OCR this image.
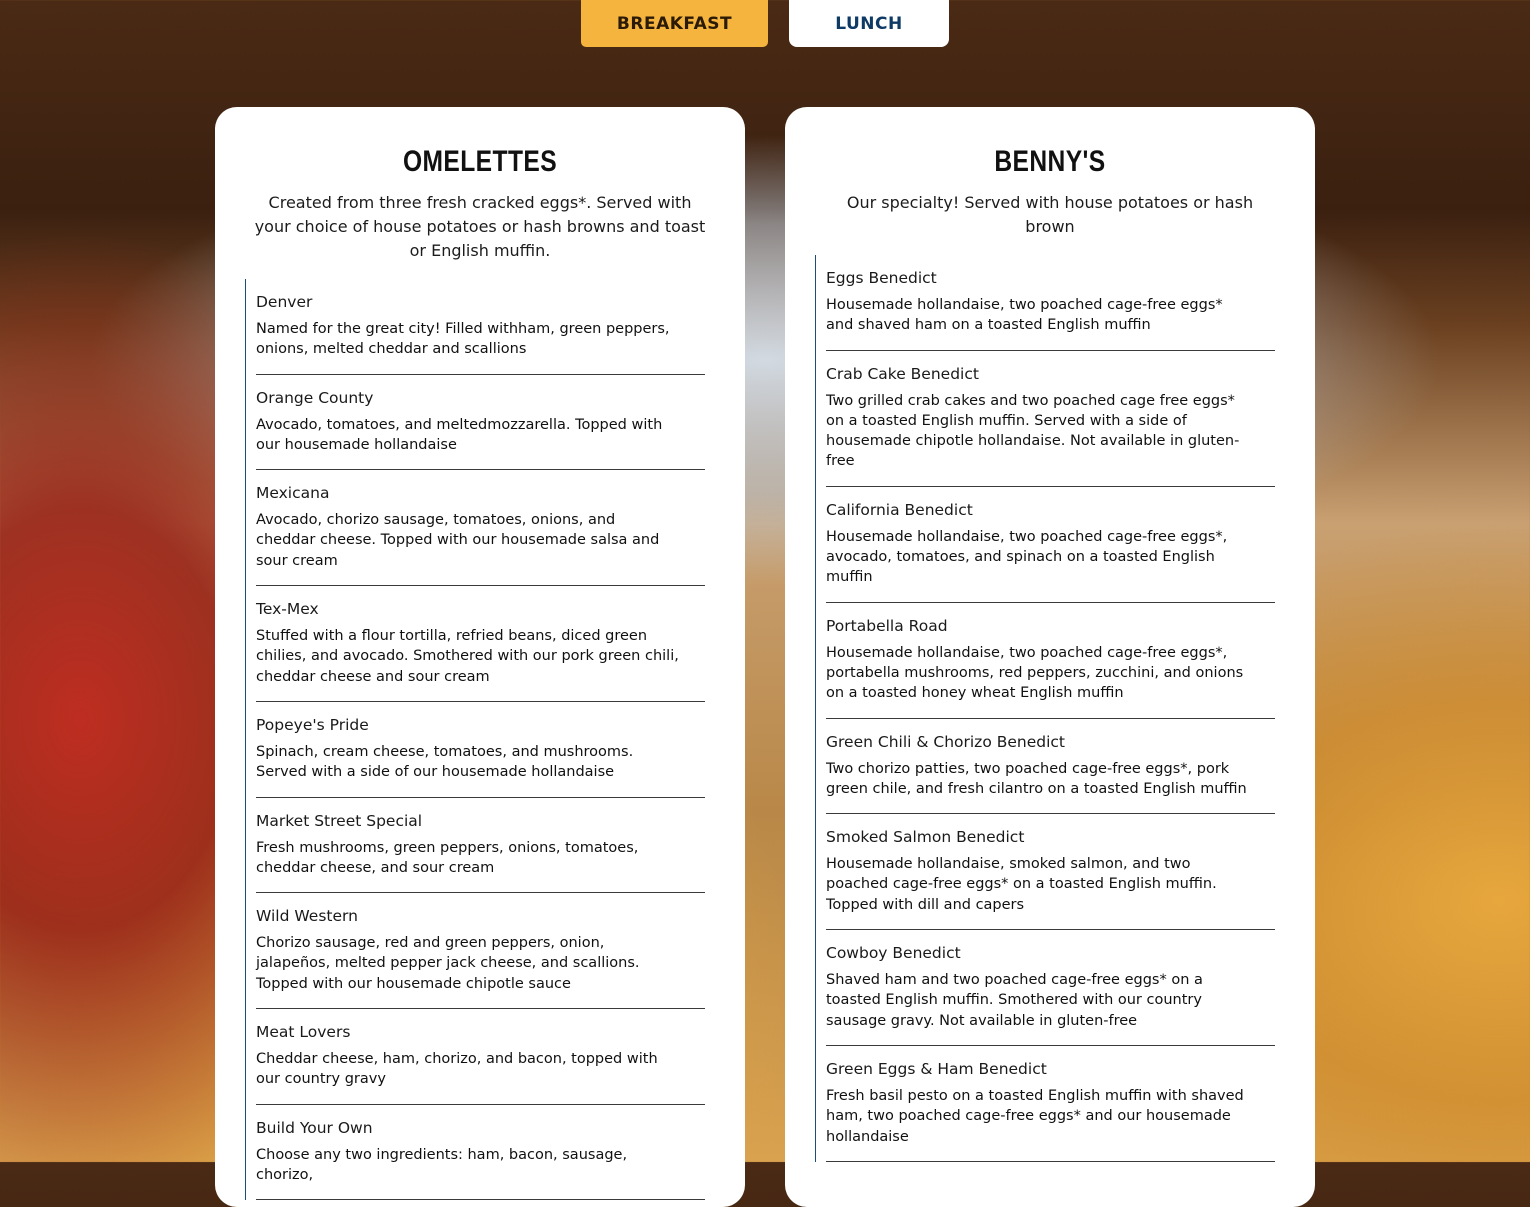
BREAKFAST	LUNCH
OMELETTES
Created from three fresh cracked eggs*. Served with your choice of house potatoes or hash browns and toast or English muffin.
Denver
Named for the great city! Filled withham, green peppers, onions, melted cheddar and scallions
Orange County
Avocado, tomatoes, and meltedmozzarella. Topped with our housemade hollandaise
Mexicana
Avocado, chorizo sausage, tomatoes, onions, and cheddar cheese. Topped with our housemade salsa and sour cream
Tex-Mex
Stuffed with a flour tortilla, refried beans, diced green chilies, and avocado. Smothered with our pork green chili, cheddar cheese and sour cream
Popeye's Pride
Spinach, cream cheese, tomatoes, and mushrooms. Served with a side of our housemade hollandaise
Market Street Special
Fresh mushrooms, green peppers, onions, tomatoes, cheddar cheese, and sour cream
Wild Western
Chorizo sausage, red and green peppers, onion, jalapeños, melted pepper jack cheese, and scallions. Topped with our housemade chipotle sauce
Meat Lovers
Cheddar cheese, ham, chorizo, and bacon, topped with our country gravy
Build Your Own
Choose any two ingredients: ham, bacon, sausage, chorizo,
BENNY'S
Our specialty! Served with house potatoes or hash brown
Eggs Benedict
Housemade hollandaise, two poached cage-free eggs* and shaved ham on a toasted English muffin
Crab Cake Benedict
Two grilled crab cakes and two poached cage free eggs* on a toasted English muffin. Served with a side of housemade chipotle hollandaise. Not available in gluten-free
California Benedict
Housemade hollandaise, two poached cage-free eggs*, avocado, tomatoes, and spinach on a toasted English muffin
Portabella Road
Housemade hollandaise, two poached cage-free eggs*, portabella mushrooms, red peppers, zucchini, and onions on a toasted honey wheat English muffin
Green Chili & Chorizo Benedict
Two chorizo patties, two poached cage-free eggs*, pork green chile, and fresh cilantro on a toasted English muffin
Smoked Salmon Benedict
Housemade hollandaise, smoked salmon, and two poached cage-free eggs* on a toasted English muffin. Topped with dill and capers
Cowboy Benedict
Shaved ham and two poached cage-free eggs* on a toasted English muffin. Smothered with our country sausage gravy. Not available in gluten-free
Green Eggs & Ham Benedict
Fresh basil pesto on a toasted English muffin with shaved ham, two poached cage-free eggs* and our housemade hollandaise
